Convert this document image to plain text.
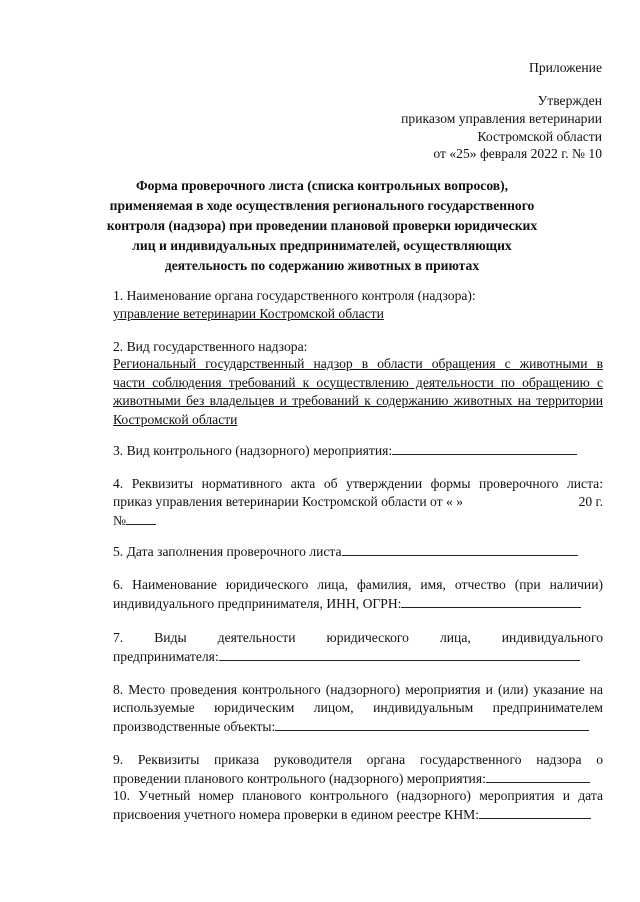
Приложение
Утвержден
приказом управления ветеринарии
Костромской области
от «25» февраля 2022 г. № 10
Форма проверочного листа (списка контрольных вопросов),
применяемая в ходе осуществления регионального государственного
контроля (надзора) при проведении плановой проверки юридических
лиц и индивидуальных предпринимателей, осуществляющих
деятельность по содержанию животных в приютах
1. Наименование органа государственного контроля (надзора):
управление ветеринарии Костромской области
2. Вид государственного надзора:
Региональный государственный надзор в области обращения с животными в
части соблюдения требований к осуществлению деятельности по обращению с
животными без владельцев и требований к содержанию животных на территории
Костромской области
3. Вид контрольного (надзорного) мероприятия:
4. Реквизиты нормативного акта об утверждении формы проверочного листа:
приказ управления ветеринарии Костромской области от « »	20 г.
№
5. Дата заполнения проверочного листа
6. Наименование юридического лица, фамилия, имя, отчество (при наличии)
индивидуального предпринимателя, ИНН, ОГРН:
7. Виды деятельности юридического лица, индивидуального
предпринимателя:
8. Место проведения контрольного (надзорного) мероприятия и (или) указание на
используемые юридическим лицом, индивидуальным предпринимателем
производственные объекты:
9. Реквизиты приказа руководителя органа государственного надзора о
проведении планового контрольного (надзорного) мероприятия:
10. Учетный номер планового контрольного (надзорного) мероприятия и дата
присвоения учетного номера проверки в едином реестре КНМ:
